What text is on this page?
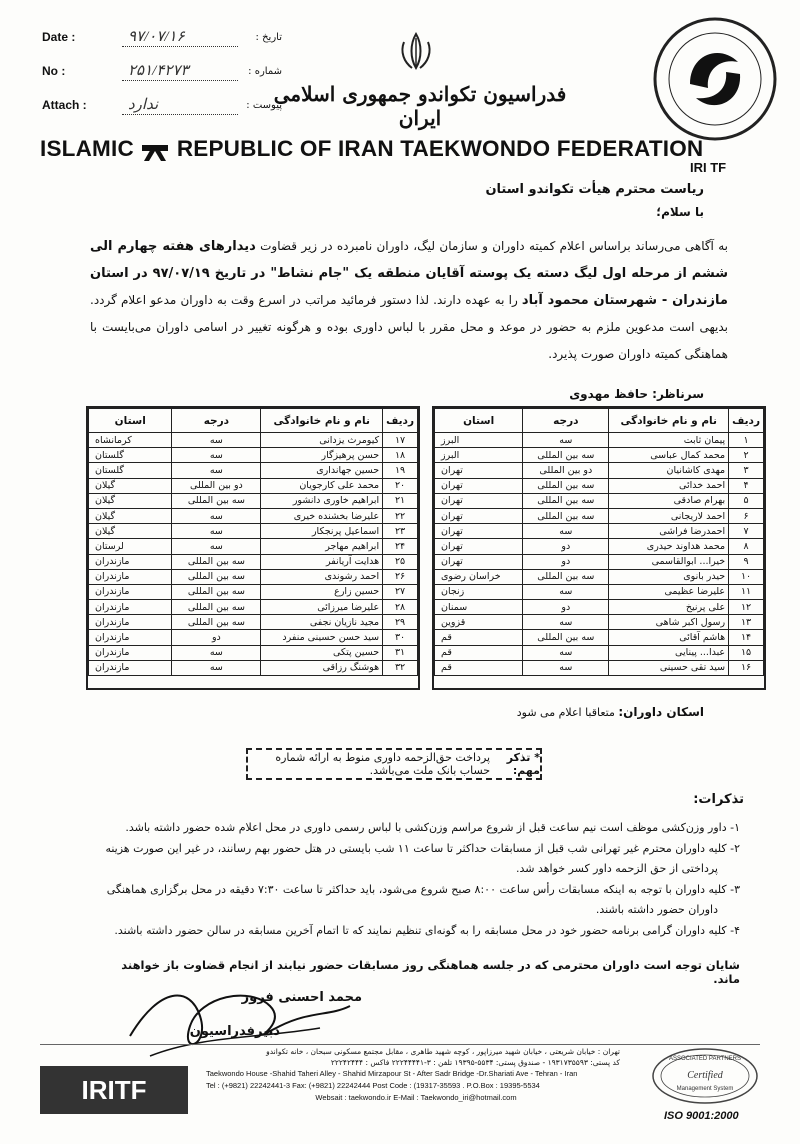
Date :	۹۷/۰۷/۱۶	تاریخ :
No :	۲۵۱/۴۲۷۳	شماره :
Attach :	ندارد	پیوست :
فدراسیون تکواندو جمهوری اسلامی ایران
ISLAMIC REPUBLIC OF IRAN TAEKWONDO FEDERATION
IRI TF
ریاست محترم هیأت تکواندو استان
با سلام؛
به آگاهی می‌رساند براساس اعلام کمیته داوران و سازمان لیگ، داوران نامبرده در زیر قضاوت دیدارهای هفته چهارم الی ششم از مرحله اول لیگ دسته یک پوسته آقایان منطقه یک "جام نشاط" در تاریخ ۹۷/۰۷/۱۹ در استان مازندران - شهرستان محمود آباد را به عهده دارند. لذا دستور فرمائید مراتب در اسرع وقت به داوران مدعو اعلام گردد. بدیهی است مدعوین ملزم به حضور در موعد و محل مقرر با لباس داوری بوده و هرگونه تغییر در اسامی داوران می‌بایست با هماهنگی کمیته داوران صورت پذیرد.
سرناظر: حافظ مهدوی
ردیف	نام و نام خانوادگی	درجه	استان
۱	پیمان ثابت	سه	البرز
۲	محمد کمال عباسی	سه بین المللی	البرز
۳	مهدی کاشانیان	دو بین المللی	تهران
۴	احمد خدائی	سه بین المللی	تهران
۵	بهرام صادقی	سه بین المللی	تهران
۶	احمد لاریجانی	سه بین المللی	تهران
۷	احمدرضا فراشی	سه	تهران
۸	محمد هداوند حیدری	دو	تهران
۹	خیرا... ابوالقاسمی	دو	تهران
۱۰	حیدر بانوی	سه بین المللی	خراسان رضوی
۱۱	علیرضا عظیمی	سه	زنجان
۱۲	علی پرنیخ	دو	سمنان
۱۳	رسول اکبر شاهی	سه	قزوین
۱۴	هاشم آقائی	سه بین المللی	قم
۱۵	عبدا... پینایی	سه	قم
۱۶	سید تقی حسینی	سه	قم
ردیف	نام و نام خانوادگی	درجه	استان
۱۷	کیومرث یزدانی	سه	کرمانشاه
۱۸	حسن پرهیزگار	سه	گلستان
۱۹	حسین جهانداری	سه	گلستان
۲۰	محمد علی کارجویان	دو بین المللی	گیلان
۲۱	ابراهیم خاوری دانشور	سه بین المللی	گیلان
۲۲	علیرضا بخشنده خیری	سه	گیلان
۲۳	اسماعیل پرنجکار	سه	گیلان
۲۴	ابراهیم مهاجر	سه	لرستان
۲۵	هدایت آریانفر	سه بین المللی	مازندران
۲۶	احمد رشوندی	سه بین المللی	مازندران
۲۷	حسین زارع	سه بین المللی	مازندران
۲۸	علیرضا میرزائی	سه بین المللی	مازندران
۲۹	مجید نازیان نجفی	سه بین المللی	مازندران
۳۰	سید حسن حسینی منفرد	دو	مازندران
۳۱	حسین پتکی	سه	مازندران
۳۲	هوشنگ رزاقی	سه	مازندران
اسکان داوران: متعاقبا اعلام می شود
* تذکر مهم:
پرداخت حق‌الزحمه داوری منوط به ارائه شماره حساب بانک ملت می‌باشد.
تذکرات:

۱- داور وزن‌کشی موظف است نیم ساعت قبل از شروع مراسم وزن‌کشی با لباس رسمی داوری در محل اعلام شده حضور داشته باشد.

۲- کلیه داوران محترم غیر تهرانی شب قبل از مسابقات حداکثر تا ساعت ۱۱ شب بایستی در هتل حضور بهم رسانند، در غیر این صورت هزینه

پرداختی از حق الزحمه داور کسر خواهد شد.

۳- کلیه داوران با توجه به اینکه مسابقات رأس ساعت ۸:۰۰ صبح شروع می‌شود، باید حداکثر تا ساعت ۷:۳۰ دقیقه در محل برگزاری هماهنگی

داوران حضور داشته باشند.

۴- کلیه داوران گرامی برنامه حضور خود در محل مسابقه را به گونه‌ای تنظیم نمایند که تا اتمام آخرین مسابقه در سالن حضور داشته باشند.

شایان توجه است داوران محترمی که در جلسه هماهنگی روز مسابقات حضور نیابند از انجام قضاوت باز خواهند ماند.
محمد احسنی فرور
دبیرفدراسیون
IRITF
تهران : خیابان شریعتی ، خیابان شهید میرزاپور ، کوچه شهید طاهری ، مقابل مجتمع مسکونی سبحان ، خانه تکواندو
کد پستی: ۱۹۳۱۷۳۵۵۹۳ - صندوق پستی: ۵۵۳۴-۱۹۳۹۵ تلفن : ۳-۲۲۲۴۴۴۴۱ فاکس : ۲۲۲۴۲۴۴۴
Taekwondo House -Shahid Taheri Alley - Shahid Mirzapour St - After Sadr Bridge -Dr.Shariati Ave - Tehran - Iran
Tel : (+9821) 22242441-3 Fax: (+9821) 22242444 Post Code : (19317-35593 . P.O.Box : 19395-5534
Websait : taekwondo.ir E-Mail : Taekwondo_iri@hotmail.com
ASSOCIATED PARTNERS
Certified
Management System
ISO 9001:2000
